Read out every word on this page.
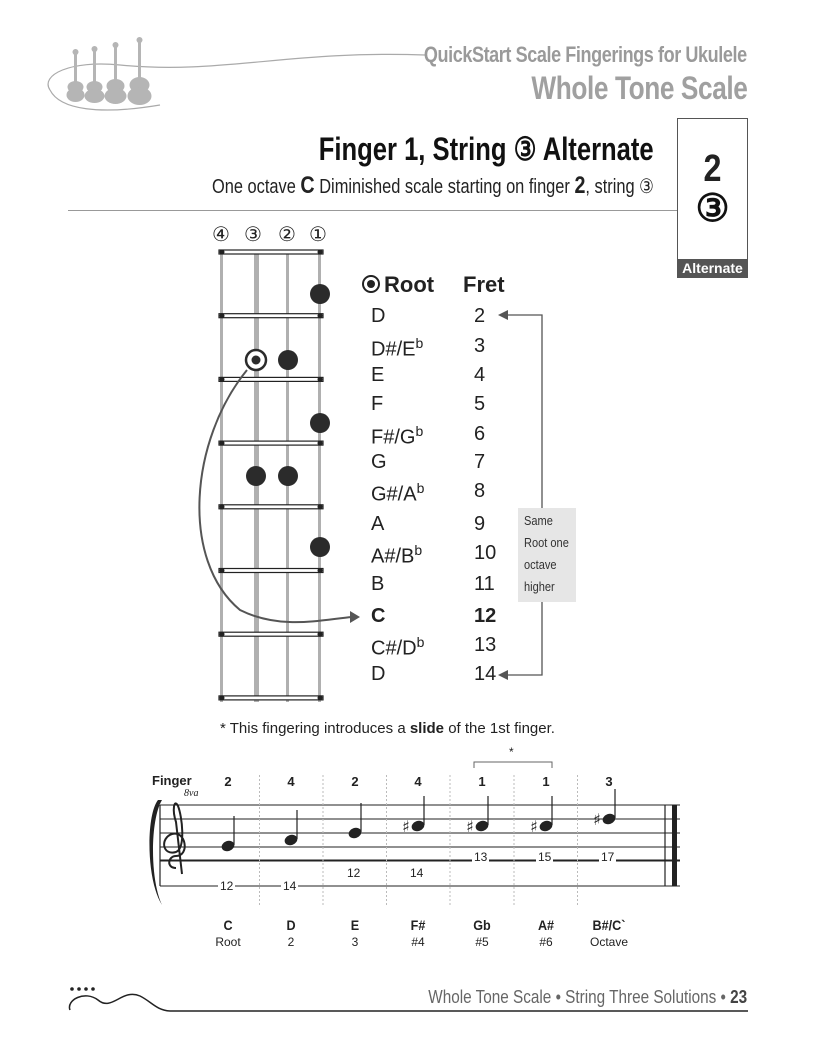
QuickStart Scale Fingerings for Ukulele
Whole Tone Scale
Finger 1, String ③ Alternate
One octave C Diminished scale starting on finger 2, string ③	2
③
Alternate
④ ③ ② ①
Root Fret
D	2
$D\#/E^b$	3
E	4
F	5
$F\#/G^b$	6
G	7
$G\#/A^b$ 8
A	9
$A\#/B^b$	10
B	11
C	12
$C\#/D^b$ 13
D	14
Same
Root one
octave
higher
* This fingering introduces a slide of the 1st finger.
♯	♯	♯	♯
Finger
8va
*
2
C
Root
12
4
D
2
14
2
E
3
12
4
F#
#4
14
1
Gb
#5
13
1
A#
#6
15
3
B#/C`
Octave
17
Whole Tone Scale • String Three Solutions • 23
